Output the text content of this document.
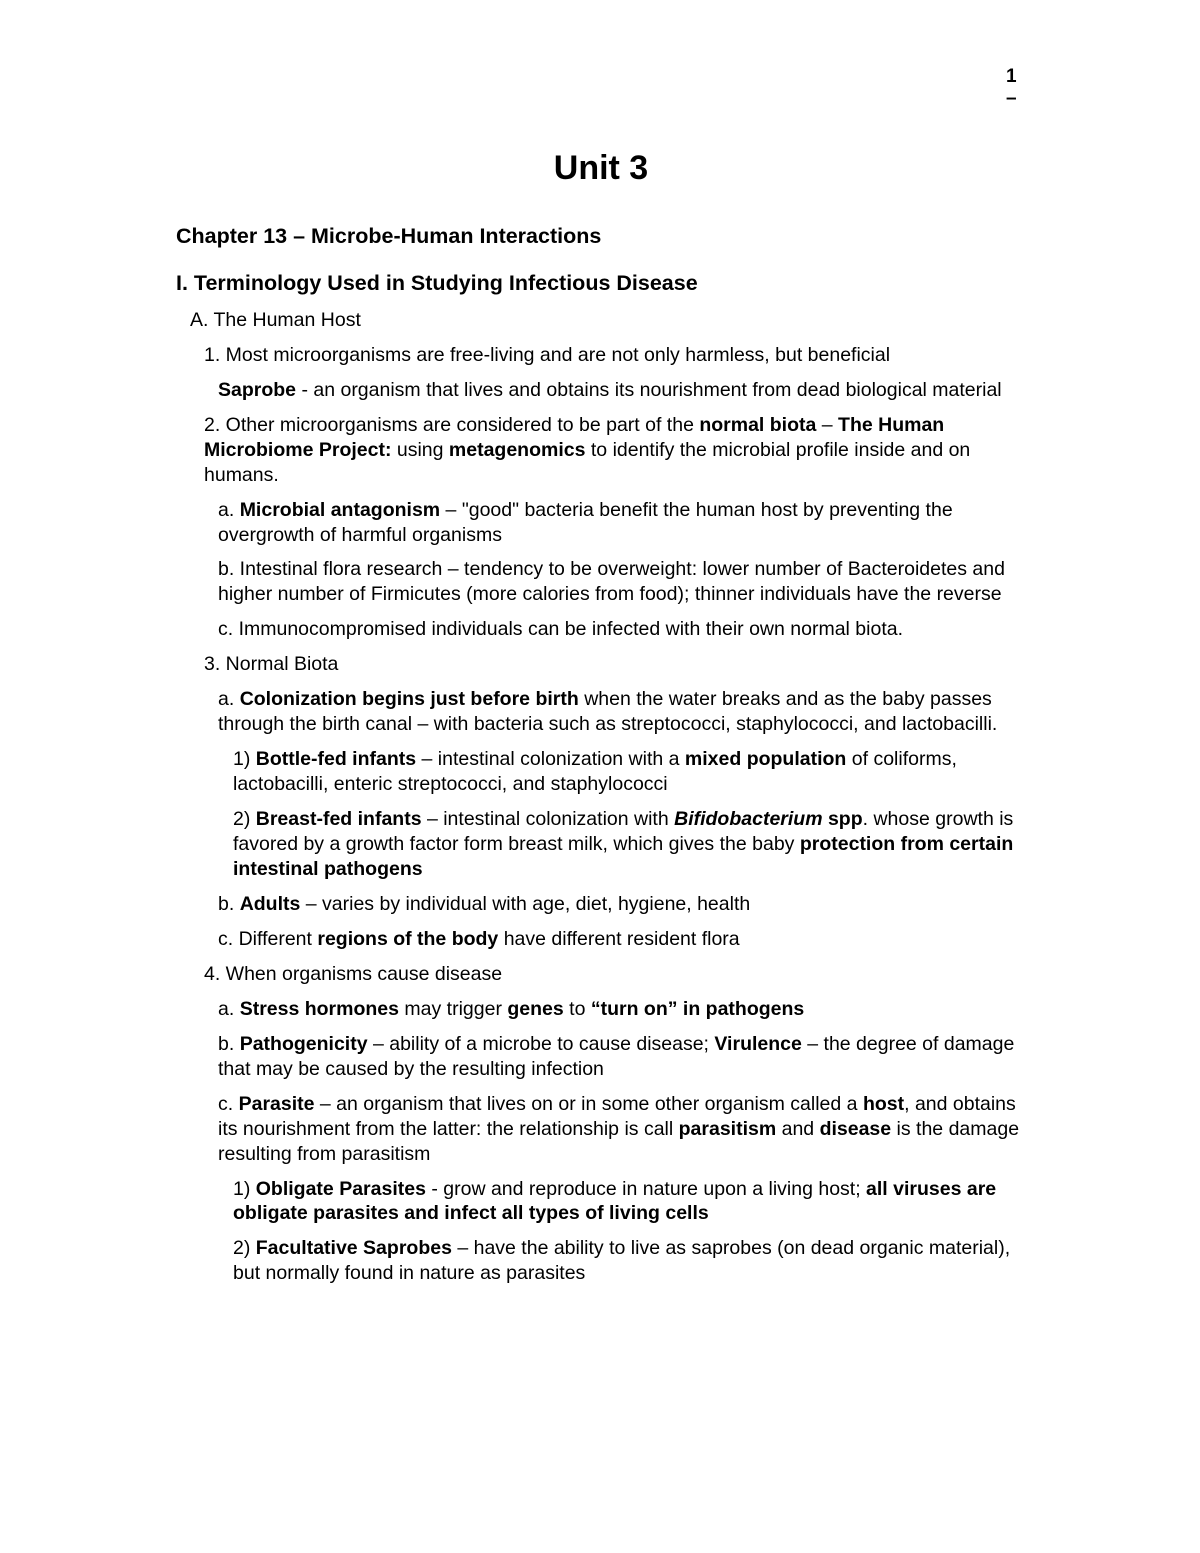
1
–
Unit 3
Chapter 13 – Microbe-Human Interactions
I. Terminology Used in Studying Infectious Disease
A. The Human Host
1. Most microorganisms are free-living and are not only harmless, but beneficial
Saprobe - an organism that lives and obtains its nourishment from dead biological material
2. Other microorganisms are considered to be part of the normal biota – The Human Microbiome Project: using metagenomics to identify the microbial profile inside and on humans.
a. Microbial antagonism – "good" bacteria benefit the human host by preventing the overgrowth of harmful organisms
b. Intestinal flora research – tendency to be overweight: lower number of Bacteroidetes and higher number of Firmicutes (more calories from food); thinner individuals have the reverse
c. Immunocompromised individuals can be infected with their own normal biota.
3. Normal Biota
a. Colonization begins just before birth when the water breaks and as the baby passes through the birth canal – with bacteria such as streptococci, staphylococci, and lactobacilli.
1) Bottle-fed infants – intestinal colonization with a mixed population of coliforms, lactobacilli, enteric streptococci, and staphylococci
2) Breast-fed infants – intestinal colonization with Bifidobacterium spp. whose growth is favored by a growth factor form breast milk, which gives the baby protection from certain intestinal pathogens
b. Adults – varies by individual with age, diet, hygiene, health
c. Different regions of the body have different resident flora
4. When organisms cause disease
a. Stress hormones may trigger genes to “turn on” in pathogens
b. Pathogenicity – ability of a microbe to cause disease; Virulence – the degree of damage that may be caused by the resulting infection
c. Parasite – an organism that lives on or in some other organism called a host, and obtains its nourishment from the latter: the relationship is call parasitism and disease is the damage resulting from parasitism
1) Obligate Parasites - grow and reproduce in nature upon a living host; all viruses are obligate parasites and infect all types of living cells
2) Facultative Saprobes – have the ability to live as saprobes (on dead organic material), but normally found in nature as parasites
